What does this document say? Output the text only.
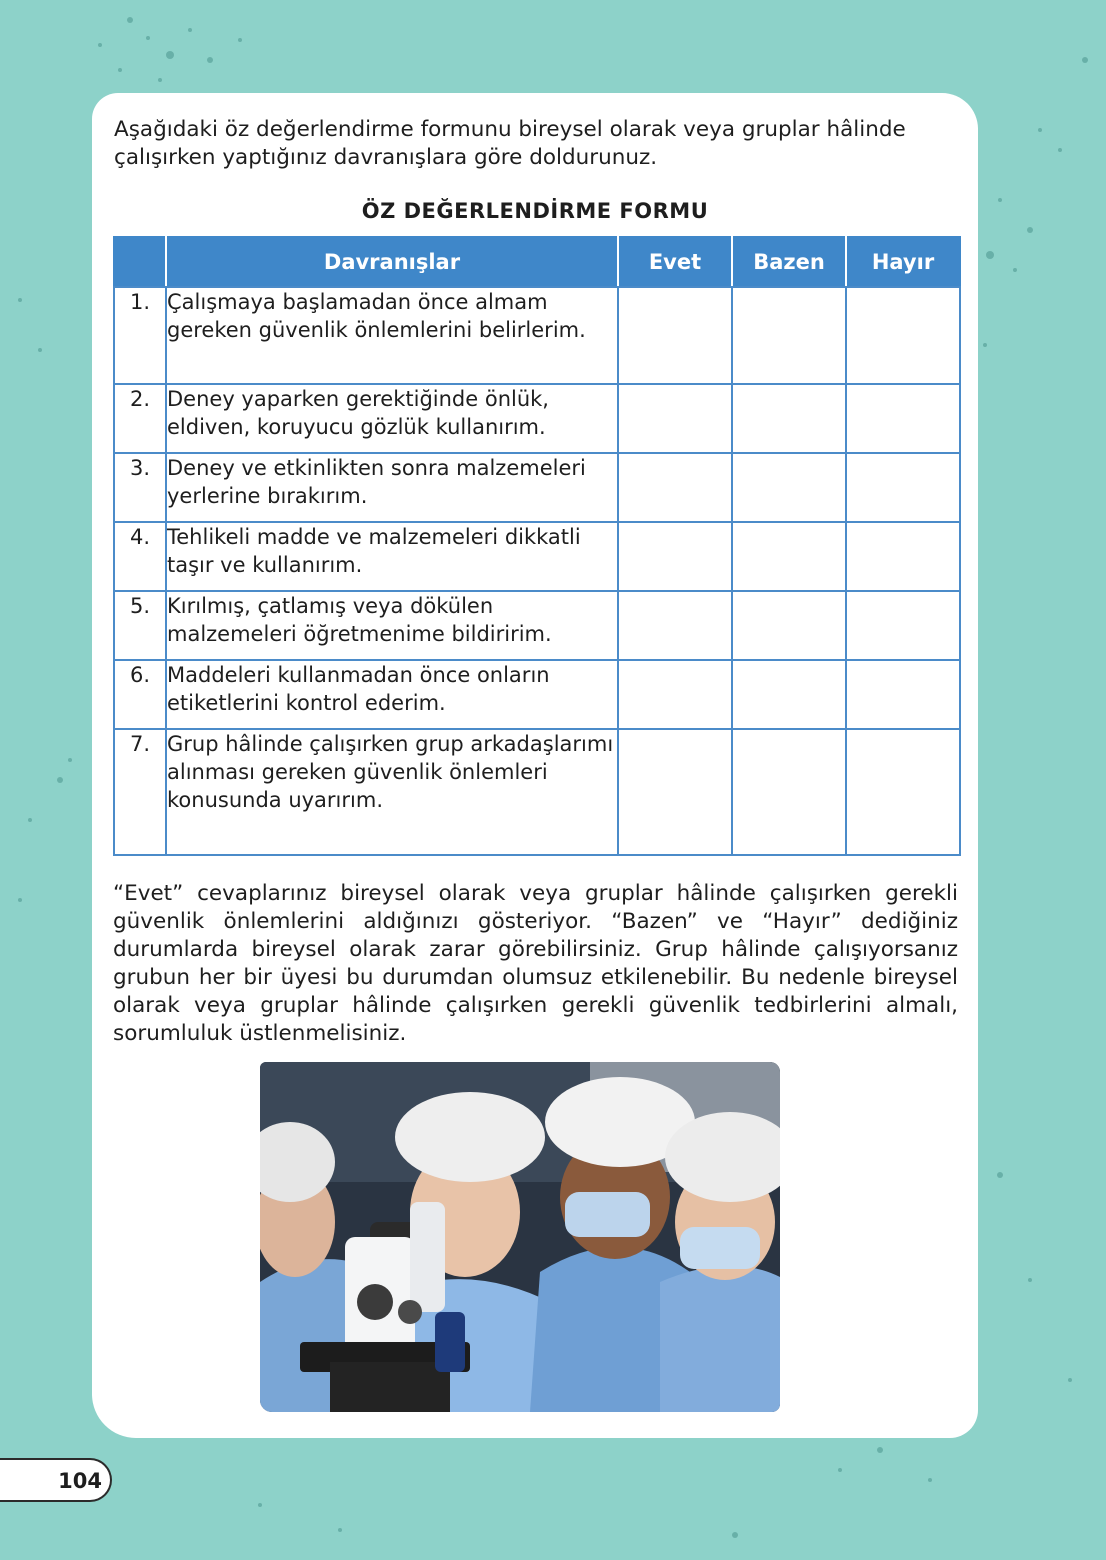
Aşağıdaki öz değerlendirme formunu bireysel olarak veya gruplar hâlinde çalışırken yaptığınız davranışlara göre doldurunuz.

ÖZ DEĞERLENDİRME FORMU
	Davranışlar	Evet	Bazen	Hayır
1.	Çalışmaya başlamadan önce almam gereken güvenlik önlemlerini belirlerim.			
2.	Deney yaparken gerektiğinde önlük, eldiven, koruyucu gözlük kullanırım.			
3.	Deney ve etkinlikten sonra malzemeleri yerlerine bırakırım.			
4.	Tehlikeli madde ve malzemeleri dikkatli taşır ve kullanırım.			
5.	Kırılmış, çatlamış veya dökülen malzemeleri öğretmenime bildiririm.			
6.	Maddeleri kullanmadan önce onların etiketlerini kontrol ederim.			
7.	Grup hâlinde çalışırken grup arkadaşlarımı alınması gereken güvenlik önlemleri konusunda uyarırım.			

“Evet” cevaplarınız bireysel olarak veya gruplar hâlinde çalışırken gerekli güvenlik önlemlerini aldığınızı gösteriyor. “Bazen” ve “Hayır” dediğiniz durumlarda bireysel olarak zarar görebilirsiniz. Grup hâlinde çalışıyorsanız grubun her bir üyesi bu durumdan olumsuz etkilenebilir. Bu nedenle bireysel olarak veya gruplar hâlinde çalışırken gerekli güvenlik tedbirlerini almalı, sorumluluk üstlenmelisiniz.

104
